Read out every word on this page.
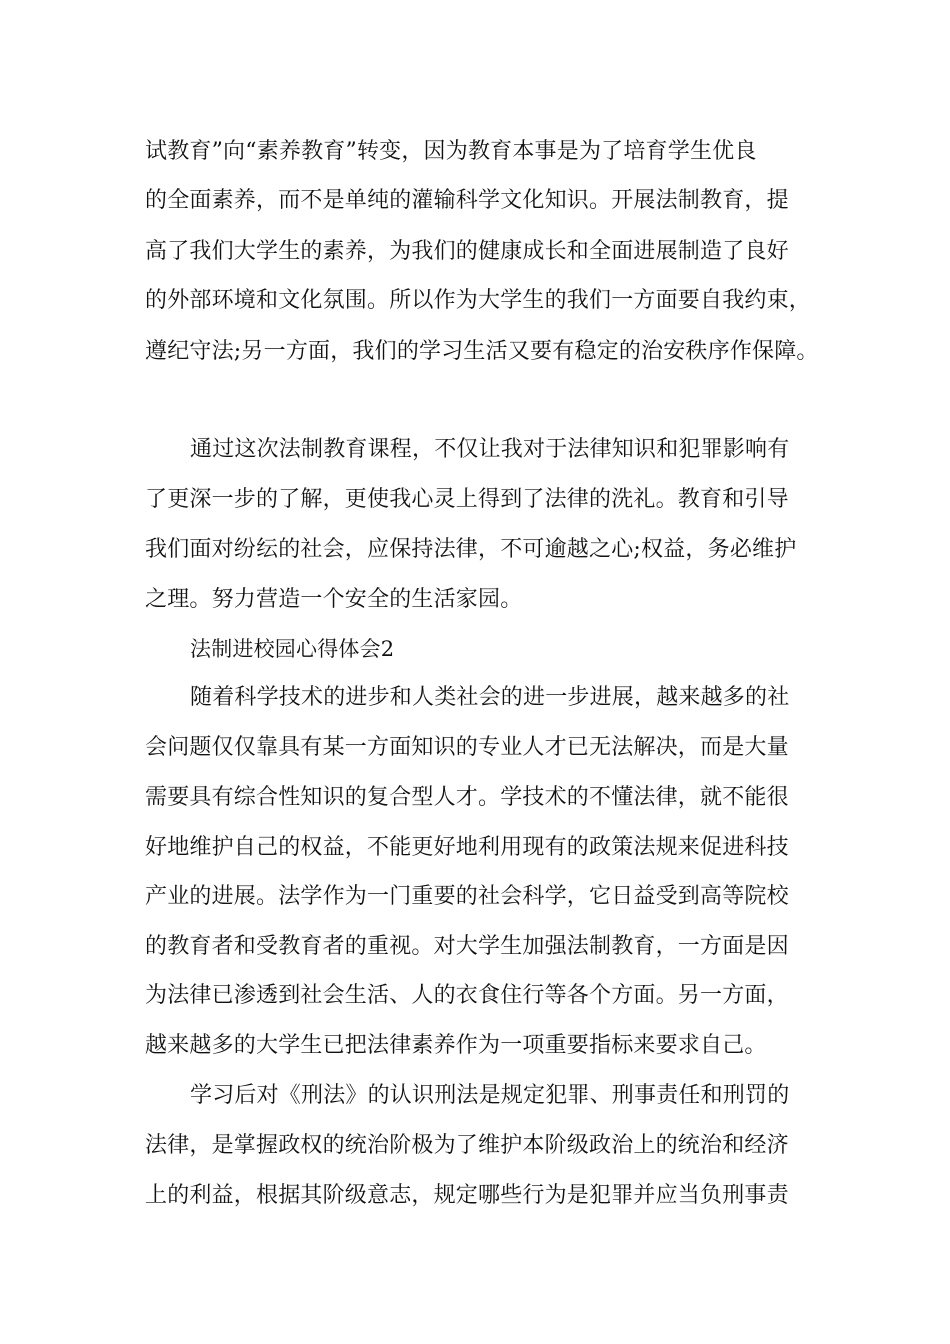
试教育”向“素养教育”转变，因为教育本事是为了培育学生优良

的全面素养，而不是单纯的灌输科学文化知识。开展法制教育，提

高了我们大学生的素养，为我们的健康成长和全面进展制造了良好

的外部环境和文化氛围。所以作为大学生的我们一方面要自我约束，

遵纪守法;另一方面，我们的学习生活又要有稳定的治安秩序作保障。

通过这次法制教育课程，不仅让我对于法律知识和犯罪影响有

了更深一步的了解，更使我心灵上得到了法律的洗礼。教育和引导

我们面对纷纭的社会，应保持法律，不可逾越之心;权益，务必维护

之理。努力营造一个安全的生活家园。

法制进校园心得体会2

随着科学技术的进步和人类社会的进一步进展，越来越多的社

会问题仅仅靠具有某一方面知识的专业人才已无法解决，而是大量

需要具有综合性知识的复合型人才。学技术的不懂法律，就不能很

好地维护自己的权益，不能更好地利用现有的政策法规来促进科技

产业的进展。法学作为一门重要的社会科学，它日益受到高等院校

的教育者和受教育者的重视。对大学生加强法制教育，一方面是因

为法律已渗透到社会生活、人的衣食住行等各个方面。另一方面，

越来越多的大学生已把法律素养作为一项重要指标来要求自己。

学习后对《刑法》的认识刑法是规定犯罪、刑事责任和刑罚的

法律，是掌握政权的统治阶极为了维护本阶级政治上的统治和经济

上的利益，根据其阶级意志，规定哪些行为是犯罪并应当负刑事责
